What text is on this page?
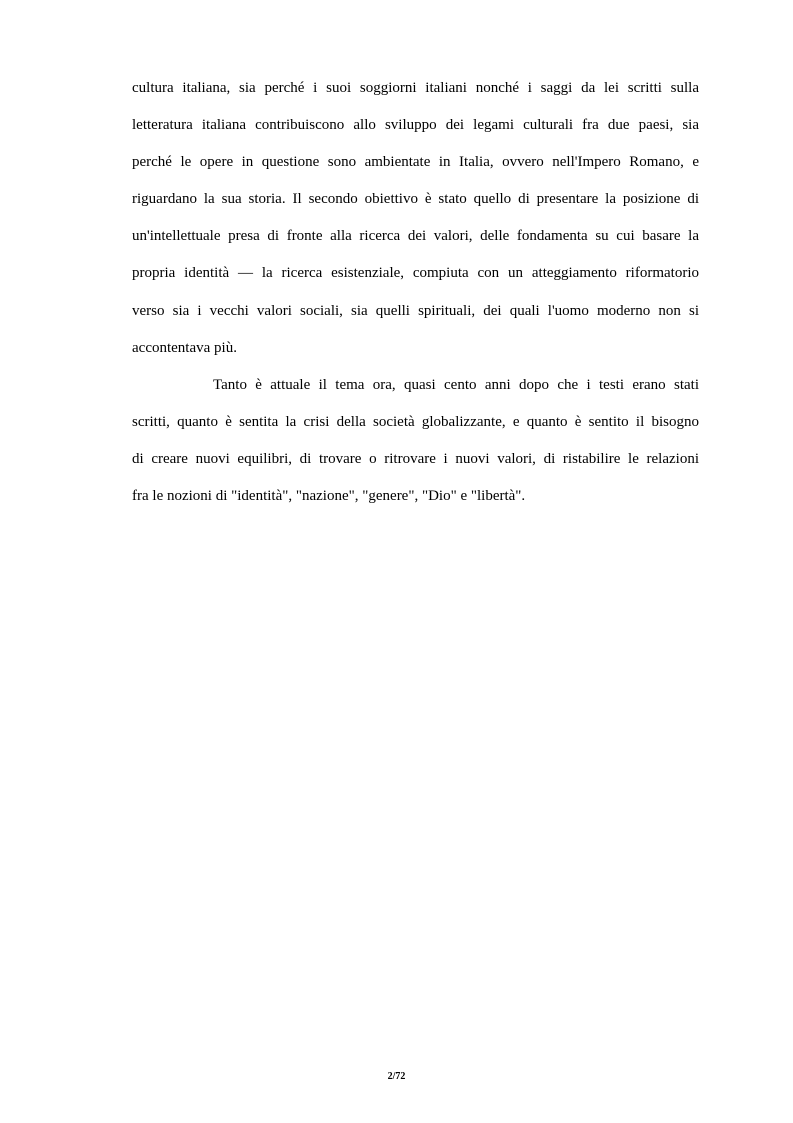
cultura italiana, sia perché i suoi soggiorni italiani nonché i saggi da lei scritti sulla
letteratura italiana contribuiscono allo sviluppo dei legami culturali fra due paesi, sia
perché le opere in questione sono ambientate in Italia, ovvero nell'Impero Romano, e
riguardano la sua storia. Il secondo obiettivo è stato quello di presentare la posizione di
un'intellettuale presa di fronte alla ricerca dei valori, delle fondamenta su cui basare la
propria identità — la ricerca esistenziale, compiuta con un atteggiamento riformatorio
verso sia i vecchi valori sociali, sia quelli spirituali, dei quali l'uomo moderno non si
accontentava più.

Tanto è attuale il tema ora, quasi cento anni dopo che i testi erano stati
scritti, quanto è sentita la crisi della società globalizzante, e quanto è sentito il bisogno
di creare nuovi equilibri, di trovare o ritrovare i nuovi valori, di ristabilire le relazioni
fra le nozioni di "identità", "nazione", "genere", "Dio" e "libertà".

2/72
